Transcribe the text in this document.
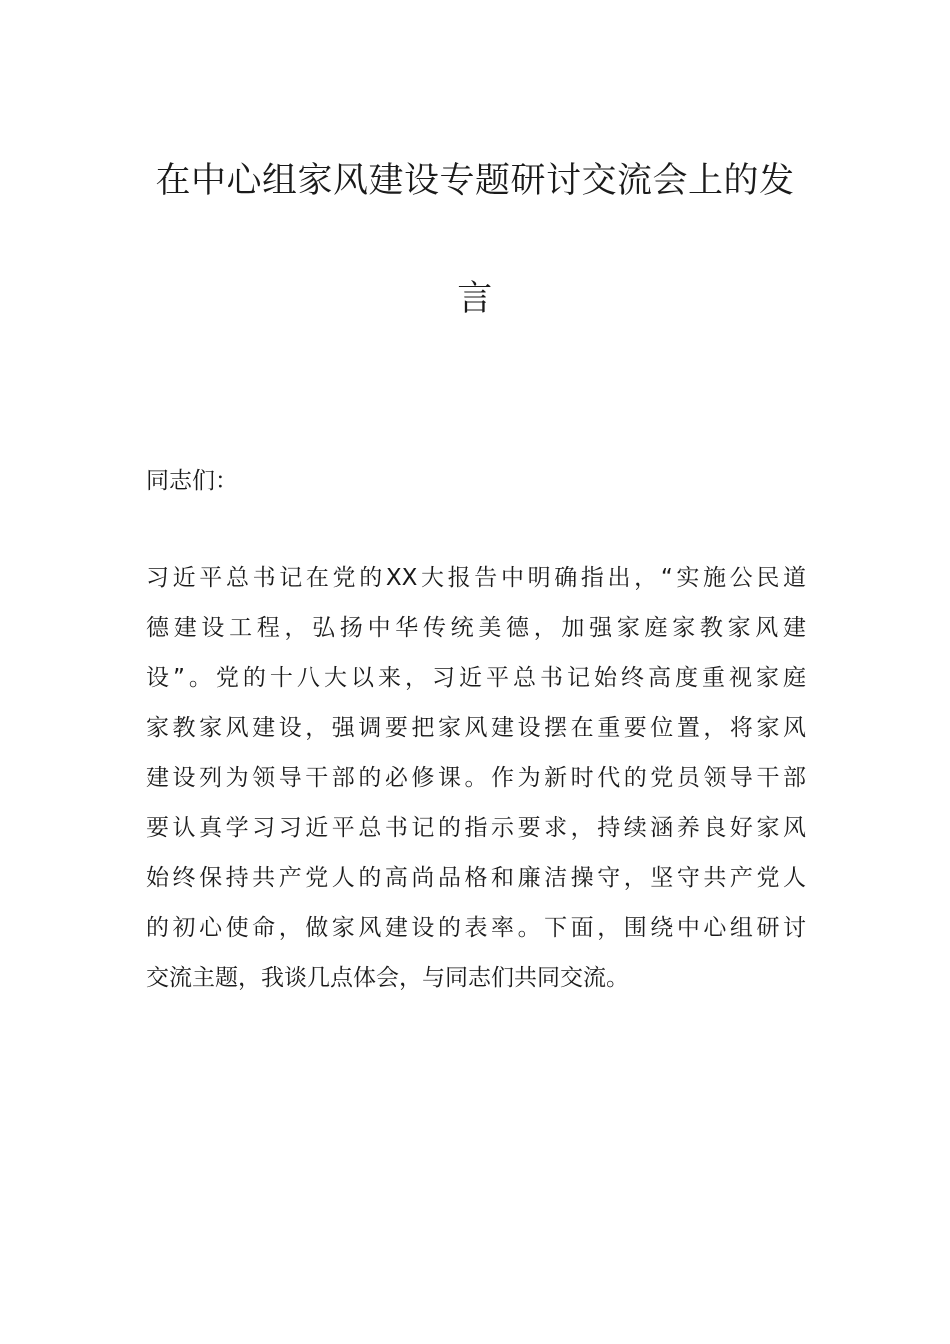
在中心组家风建设专题研讨交流会上的发
言
同志们：
习近平总书记在党的XX大报告中明确指出，“实施公民道
德建设工程，弘扬中华传统美德，加强家庭家教家风建
设”。党的十八大以来，习近平总书记始终高度重视家庭
家教家风建设，强调要把家风建设摆在重要位置，将家风
建设列为领导干部的必修课。作为新时代的党员领导干部
要认真学习习近平总书记的指示要求，持续涵养良好家风
始终保持共产党人的高尚品格和廉洁操守，坚守共产党人
的初心使命，做家风建设的表率。下面，围绕中心组研讨
交流主题，我谈几点体会，与同志们共同交流。
